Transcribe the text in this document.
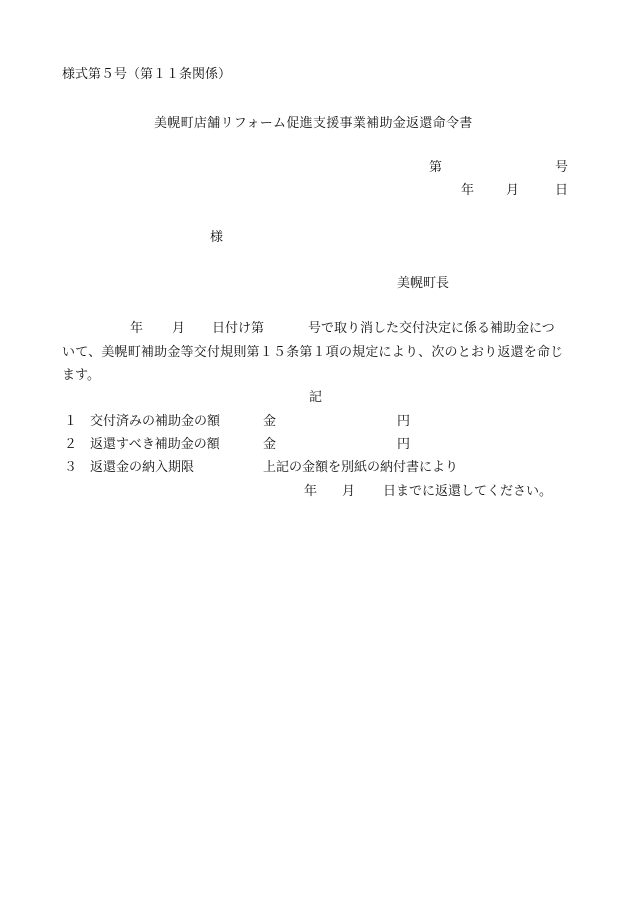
様式第５号（第１１条関係）
美幌町店舗リフォーム促進支援事業補助金返還命令書
第	号
年 月	日
様
美幌町長
年 月 日付け第	号で取り消した交付決定に係る補助金につ
いて、美幌町補助金等交付規則第１５条第１項の規定により、次のとおり返還を命じ
ます。
記
１ 交付済みの補助金の額	金	円
２ 返還すべき補助金の額	金	円
３ 返還金の納入期限	上記の金額を別紙の納付書により
年 月 日までに返還してください。
